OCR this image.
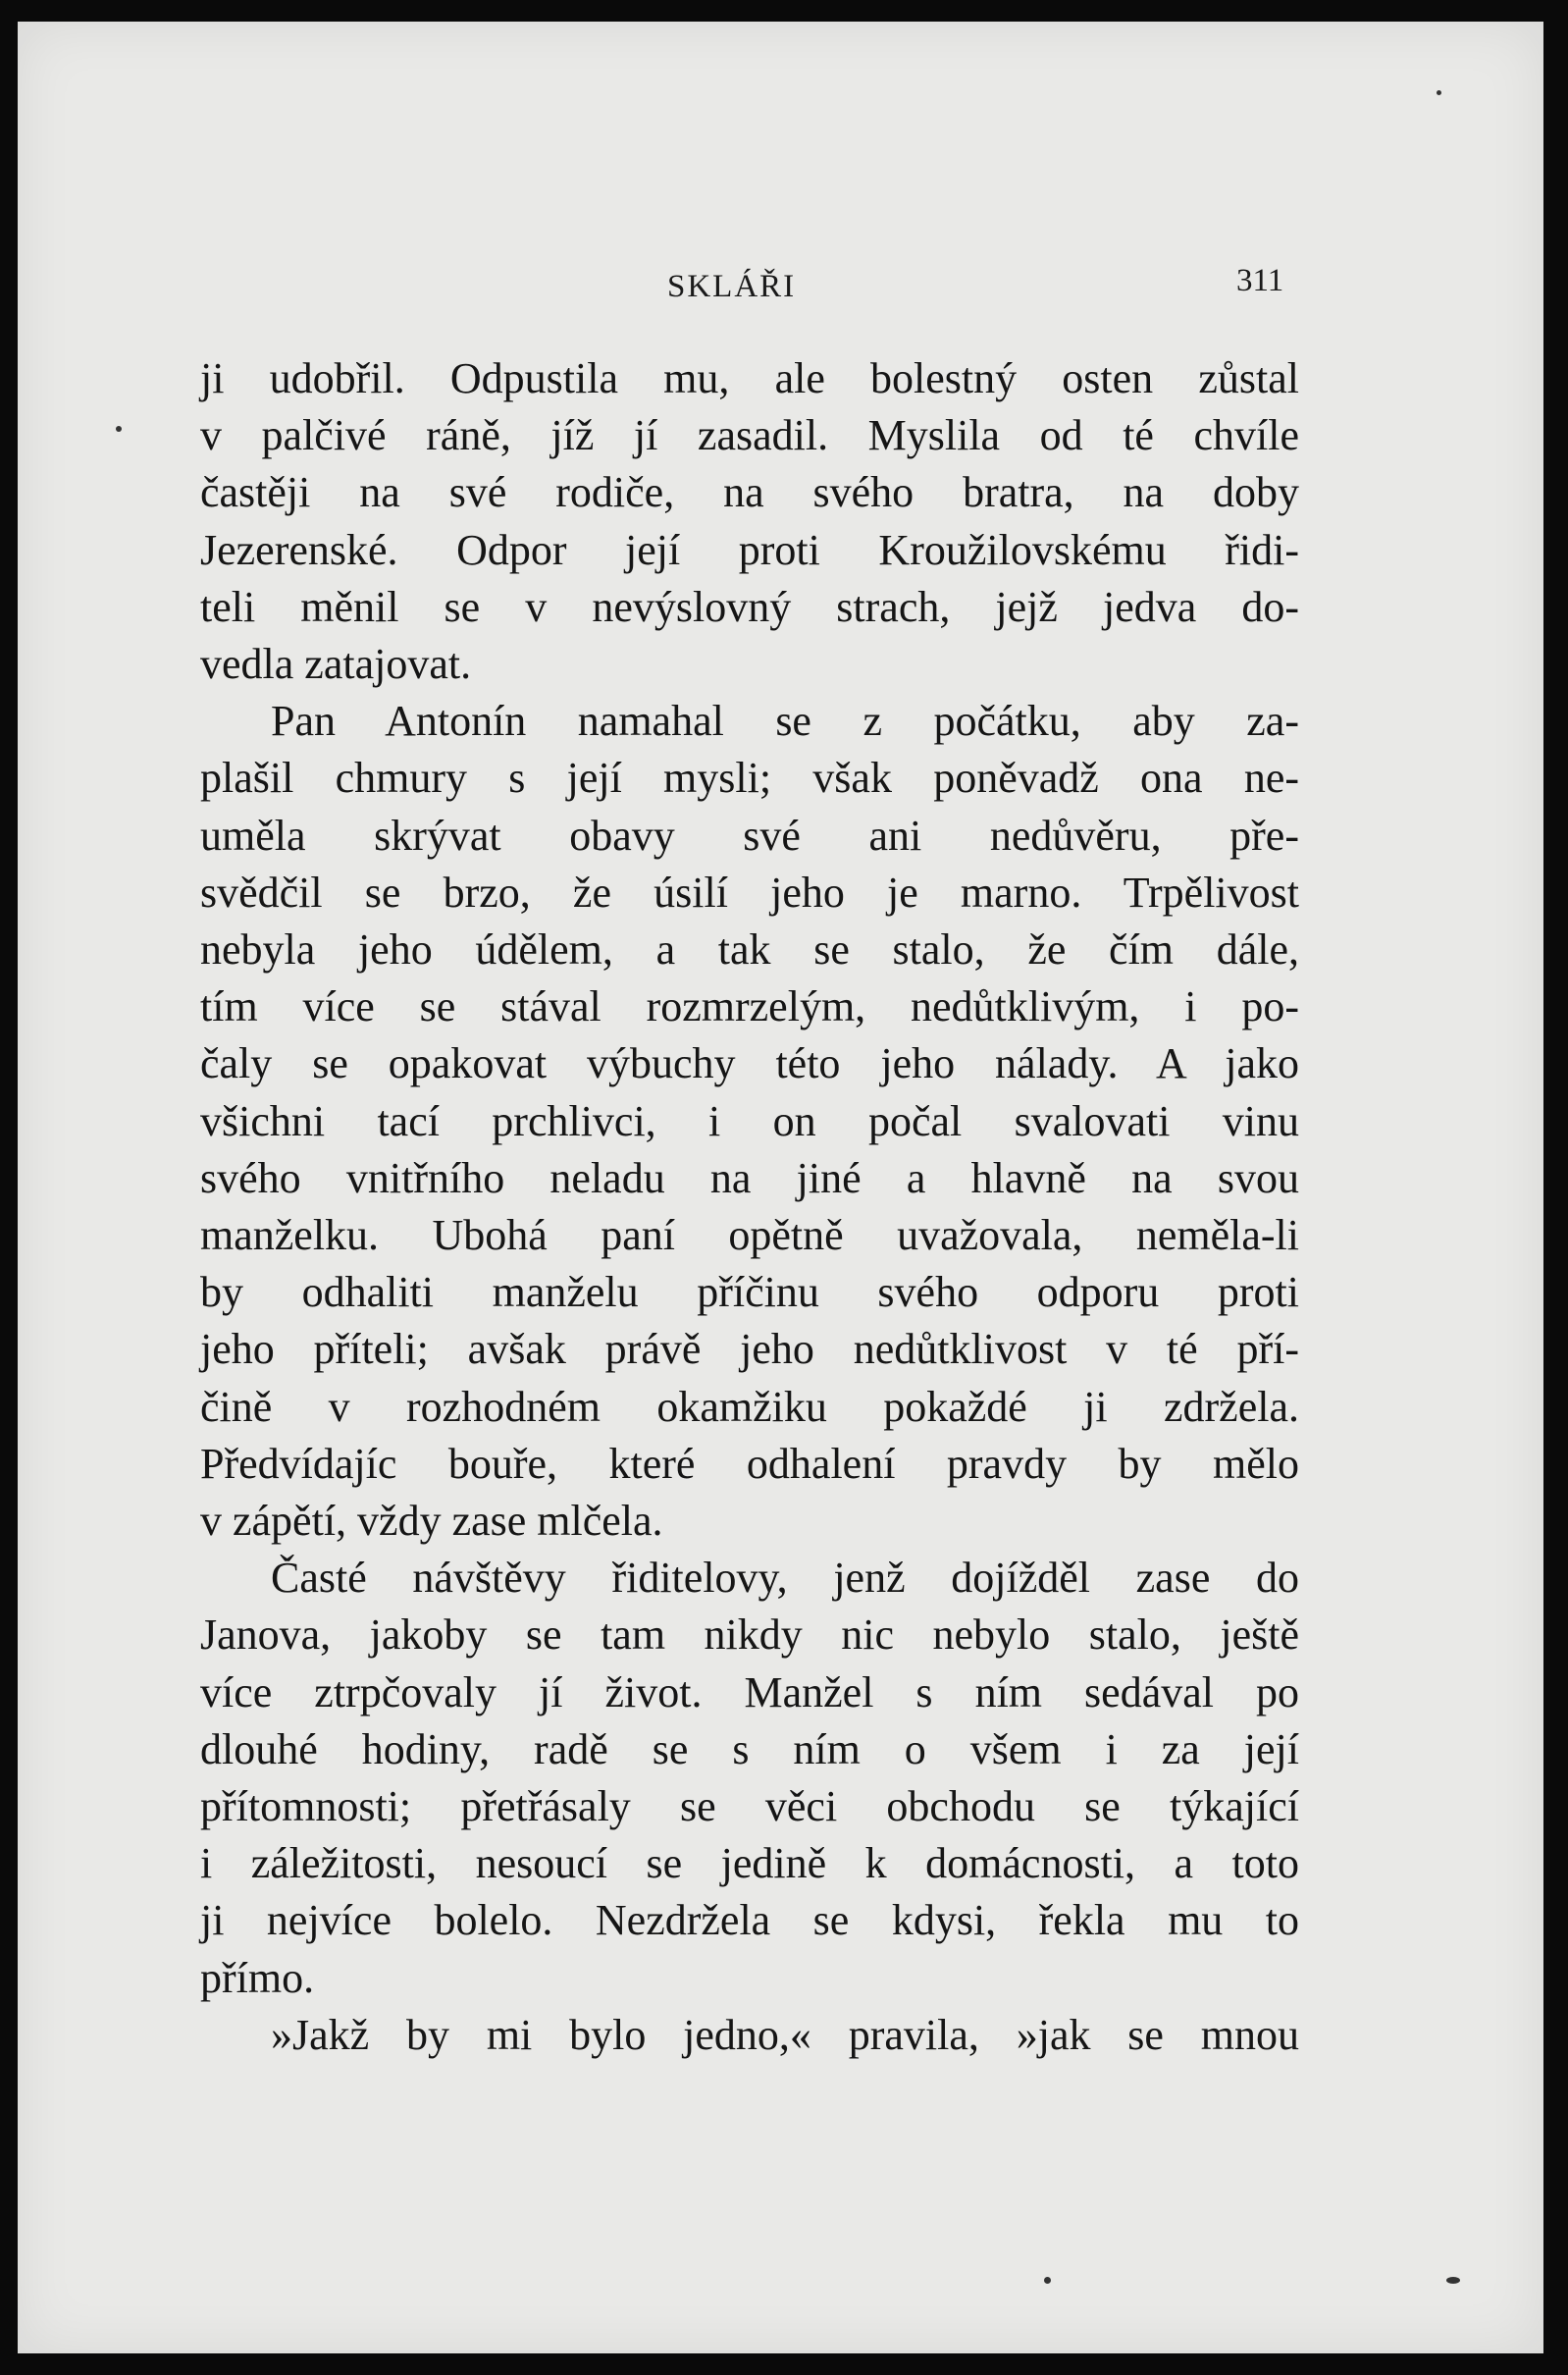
SKLÁŘI	311
ji udobřil. Odpustila mu, ale bolestný osten zůstal
v palčivé ráně, jíž jí zasadil. Myslila od té chvíle
častěji na své rodiče, na svého bratra, na doby
Jezerenské. Odpor její proti Kroužilovskému řidi-
teli měnil se v nevýslovný strach, jejž jedva do-
vedla zatajovat.
Pan Antonín namahal se z počátku, aby za-
plašil chmury s její mysli; však poněvadž ona ne-
uměla skrývat obavy své ani nedůvěru, pře-
svědčil se brzo, že úsilí jeho je marno. Trpělivost
nebyla jeho údělem, a tak se stalo, že čím dále,
tím více se stával rozmrzelým, nedůtklivým, i po-
čaly se opakovat výbuchy této jeho nálady. A jako
všichni tací prchlivci, i on počal svalovati vinu
svého vnitřního neladu na jiné a hlavně na svou
manželku. Ubohá paní opětně uvažovala, neměla-li
by odhaliti manželu příčinu svého odporu proti
jeho příteli; avšak právě jeho nedůtklivost v té pří-
čině v rozhodném okamžiku pokaždé ji zdržela.
Předvídajíc bouře, které odhalení pravdy by mělo
v zápětí, vždy zase mlčela.
Časté návštěvy řiditelovy, jenž dojížděl zase do
Janova, jakoby se tam nikdy nic nebylo stalo, ještě
více ztrpčovaly jí život. Manžel s ním sedával po
dlouhé hodiny, radě se s ním o všem i za její
přítomnosti; přetřásaly se věci obchodu se týkající
i záležitosti, nesoucí se jedině k domácnosti, a toto
ji nejvíce bolelo. Nezdržela se kdysi, řekla mu to
přímo.
»Jakž by mi bylo jedno,« pravila, »jak se mnou
